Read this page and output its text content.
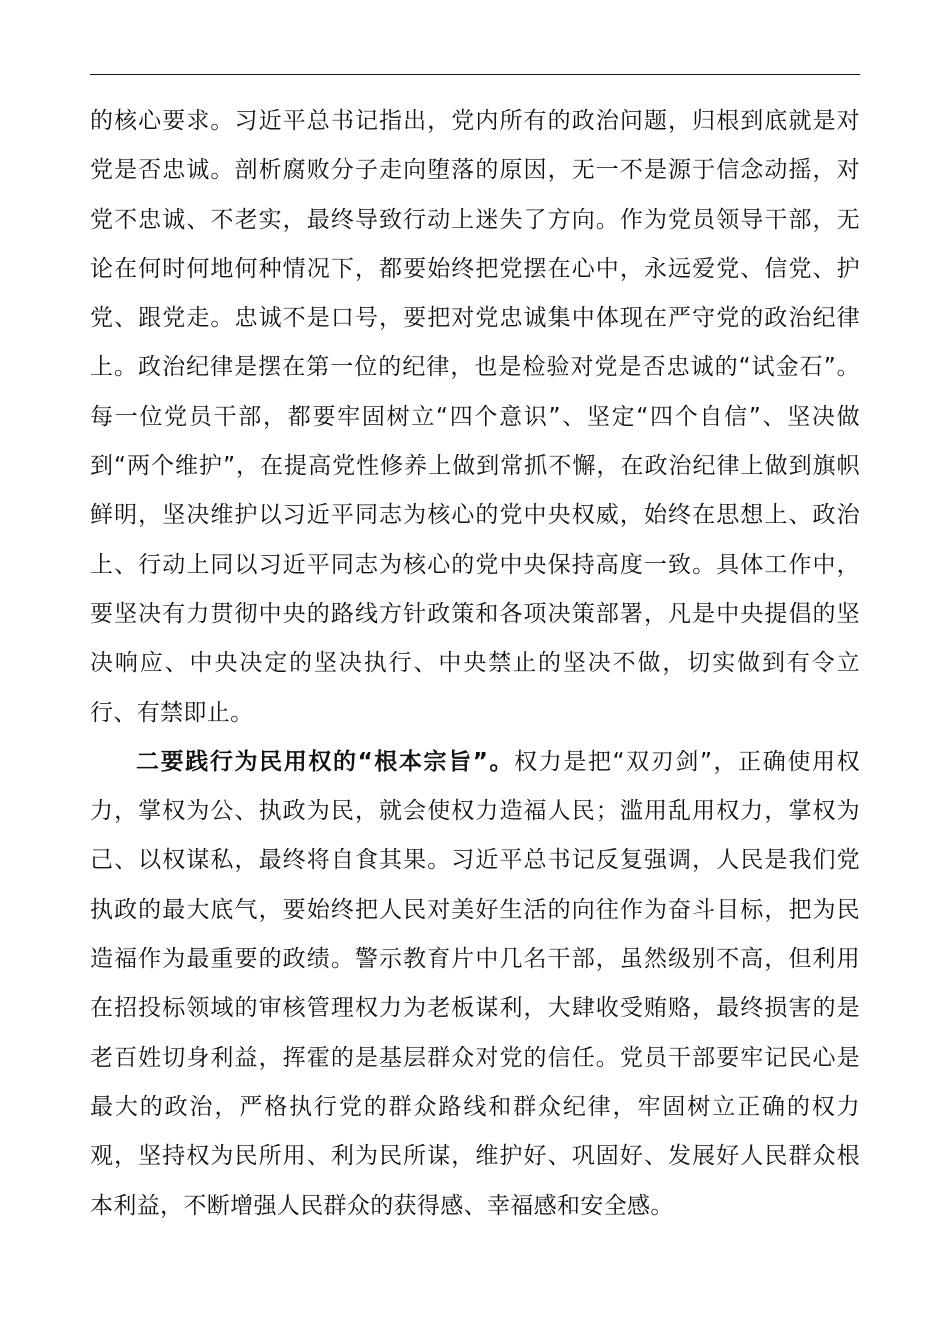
的核心要求。习近平总书记指出，党内所有的政治问题，归根到底就是对党是否忠诚。剖析腐败分子走向堕落的原因，无一不是源于信念动摇，对党不忠诚、不老实，最终导致行动上迷失了方向。作为党员领导干部，无论在何时何地何种情况下，都要始终把党摆在心中，永远爱党、信党、护党、跟党走。忠诚不是口号，要把对党忠诚集中体现在严守党的政治纪律上。政治纪律是摆在第一位的纪律，也是检验对党是否忠诚的“试金石”。每一位党员干部，都要牢固树立“四个意识”、坚定“四个自信”、坚决做到“两个维护”，在提高党性修养上做到常抓不懈，在政治纪律上做到旗帜鲜明，坚决维护以习近平同志为核心的党中央权威，始终在思想上、政治上、行动上同以习近平同志为核心的党中央保持高度一致。具体工作中，要坚决有力贯彻中央的路线方针政策和各项决策部署，凡是中央提倡的坚决响应、中央决定的坚决执行、中央禁止的坚决不做，切实做到有令立行、有禁即止。

二要践行为民用权的“根本宗旨”。权力是把“双刃剑”，正确使用权力，掌权为公、执政为民，就会使权力造福人民；滥用乱用权力，掌权为己、以权谋私，最终将自食其果。习近平总书记反复强调，人民是我们党执政的最大底气，要始终把人民对美好生活的向往作为奋斗目标，把为民造福作为最重要的政绩。警示教育片中几名干部，虽然级别不高，但利用在招投标领域的审核管理权力为老板谋利，大肆收受贿赂，最终损害的是老百姓切身利益，挥霍的是基层群众对党的信任。党员干部要牢记民心是最大的政治，严格执行党的群众路线和群众纪律，牢固树立正确的权力观，坚持权为民所用、利为民所谋，维护好、巩固好、发展好人民群众根本利益，不断增强人民群众的获得感、幸福感和安全感。
